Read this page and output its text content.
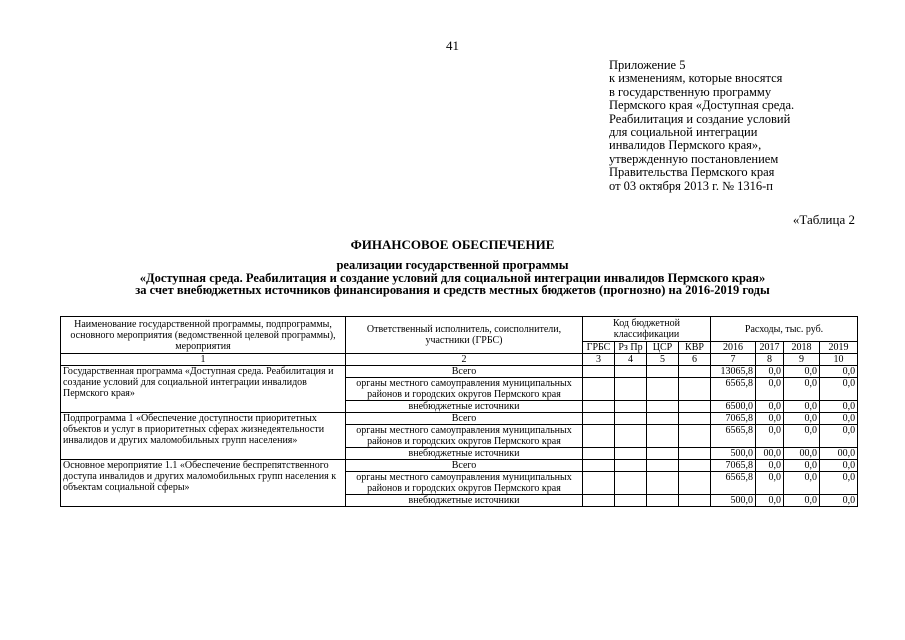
41
Приложение 5
к изменениям, которые вносятся
в государственную программу
Пермского края «Доступная среда.
Реабилитация и создание условий
для социальной интеграции
инвалидов Пермского края»,
утвержденную постановлением
Правительства Пермского края
от 03 октября 2013 г. № 1316-п
«Таблица 2
ФИНАНСОВОЕ ОБЕСПЕЧЕНИЕ
реализации государственной программы
«Доступная среда. Реабилитация и создание условий для социальной интеграции инвалидов Пермского края»
за счет внебюджетных источников финансирования и средств местных бюджетов (прогнозно) на 2016-2019 годы
Наименование государственной программы, подпрограммы, основного мероприятия (ведомственной целевой программы), мероприятия	Ответственный исполнитель, соисполнители, участники (ГРБС)	Код бюджетной классификации				Расходы, тыс. руб.			
		ГРБС	Рз Пр	ЦСР	КВР	2016	2017	2018	2019
1	2	3	4	5	6	7	8	9	10
Государственная программа «Доступная среда. Реабилитация и создание условий для социальной интеграции инвалидов Пермского края»	Всего					13065,8	0,0	0,0	0,0
	органы местного самоуправления муниципальных районов и городских округов Пермского края					6565,8	0,0	0,0	0,0
	внебюджетные источники					6500,0	0,0	0,0	0,0
Подпрограмма 1 «Обеспечение доступности приоритетных объектов и услуг в приоритетных сферах жизнедеятельности инвалидов и других маломобильных групп населения»	Всего					7065,8	0,0	0,0	0,0
	органы местного самоуправления муниципальных районов и городских округов Пермского края					6565,8	0,0	0,0	0,0
	внебюджетные источники					500,0	00,0	00,0	00,0
Основное мероприятие 1.1 «Обеспечение беспрепятственного доступа инвалидов и других маломобильных групп населения к объектам социальной сферы»	Всего					7065,8	0,0	0,0	0,0
	органы местного самоуправления муниципальных районов и городских округов Пермского края					6565,8	0,0	0,0	0,0
	внебюджетные источники					500,0	0,0	0,0	0,0
